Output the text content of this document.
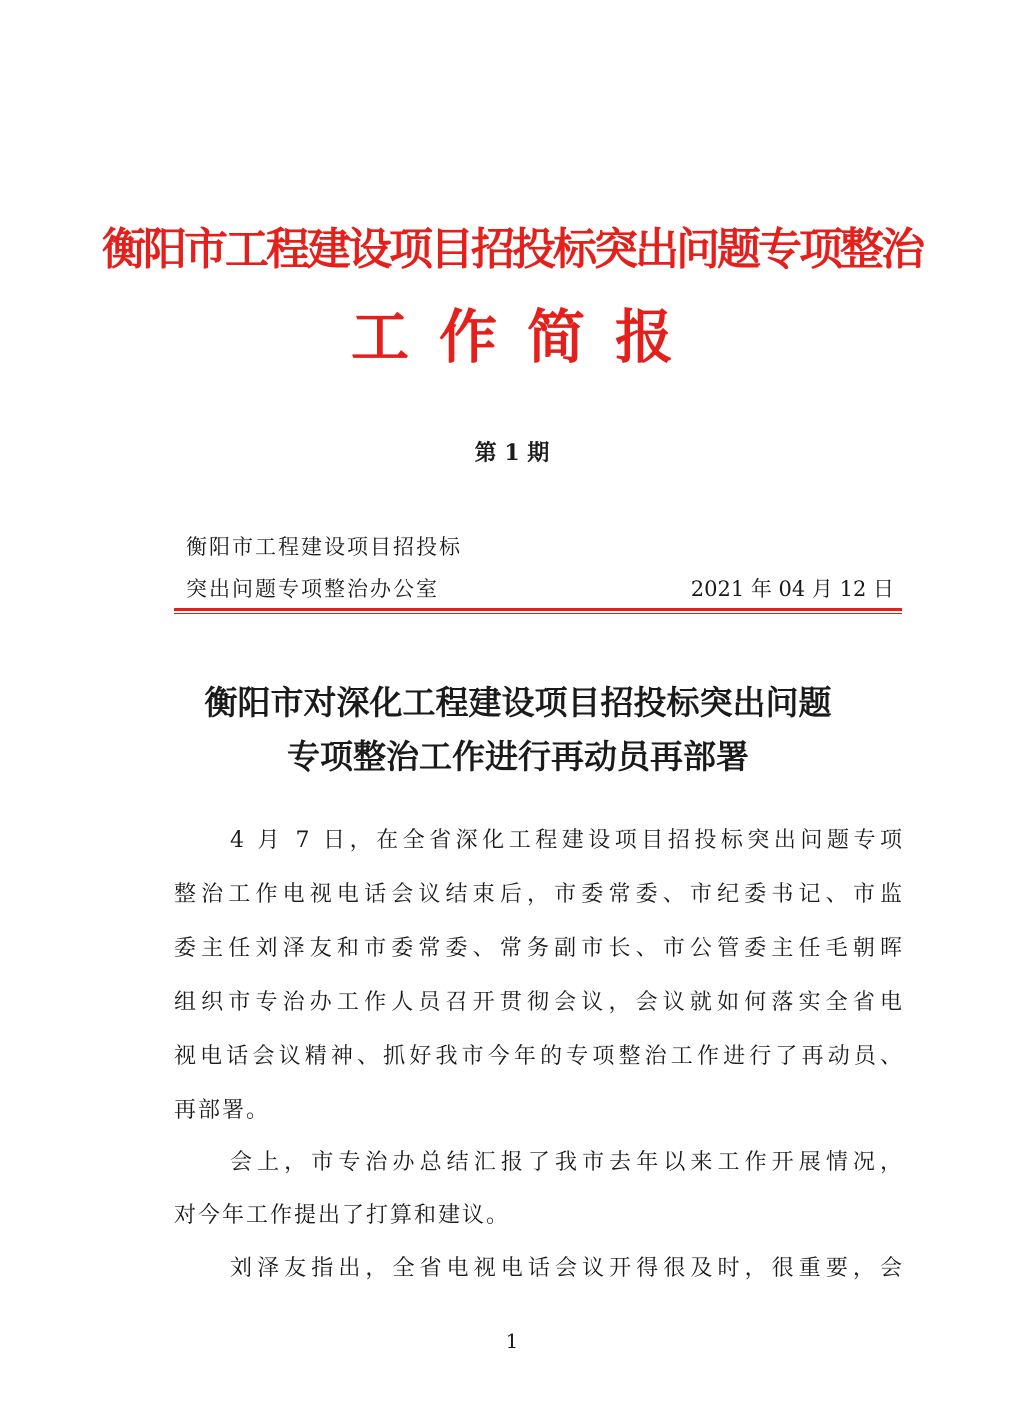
衡阳市工程建设项目招投标突出问题专项整治
工作简报
第 1 期
衡阳市工程建设项目招投标
突出问题专项整治办公室	2021 年 04 月 12 日
衡阳市对深化工程建设项目招投标突出问题
专项整治工作进行再动员再部署
4 月 7 日，在全省深化工程建设项目招投标突出问题专项
整治工作电视电话会议结束后，市委常委、市纪委书记、市监
委主任刘泽友和市委常委、常务副市长、市公管委主任毛朝晖
组织市专治办工作人员召开贯彻会议，会议就如何落实全省电
视电话会议精神、抓好我市今年的专项整治工作进行了再动员、
再部署。
会上，市专治办总结汇报了我市去年以来工作开展情况，
对今年工作提出了打算和建议。
刘泽友指出，全省电视电话会议开得很及时，很重要，会
1
